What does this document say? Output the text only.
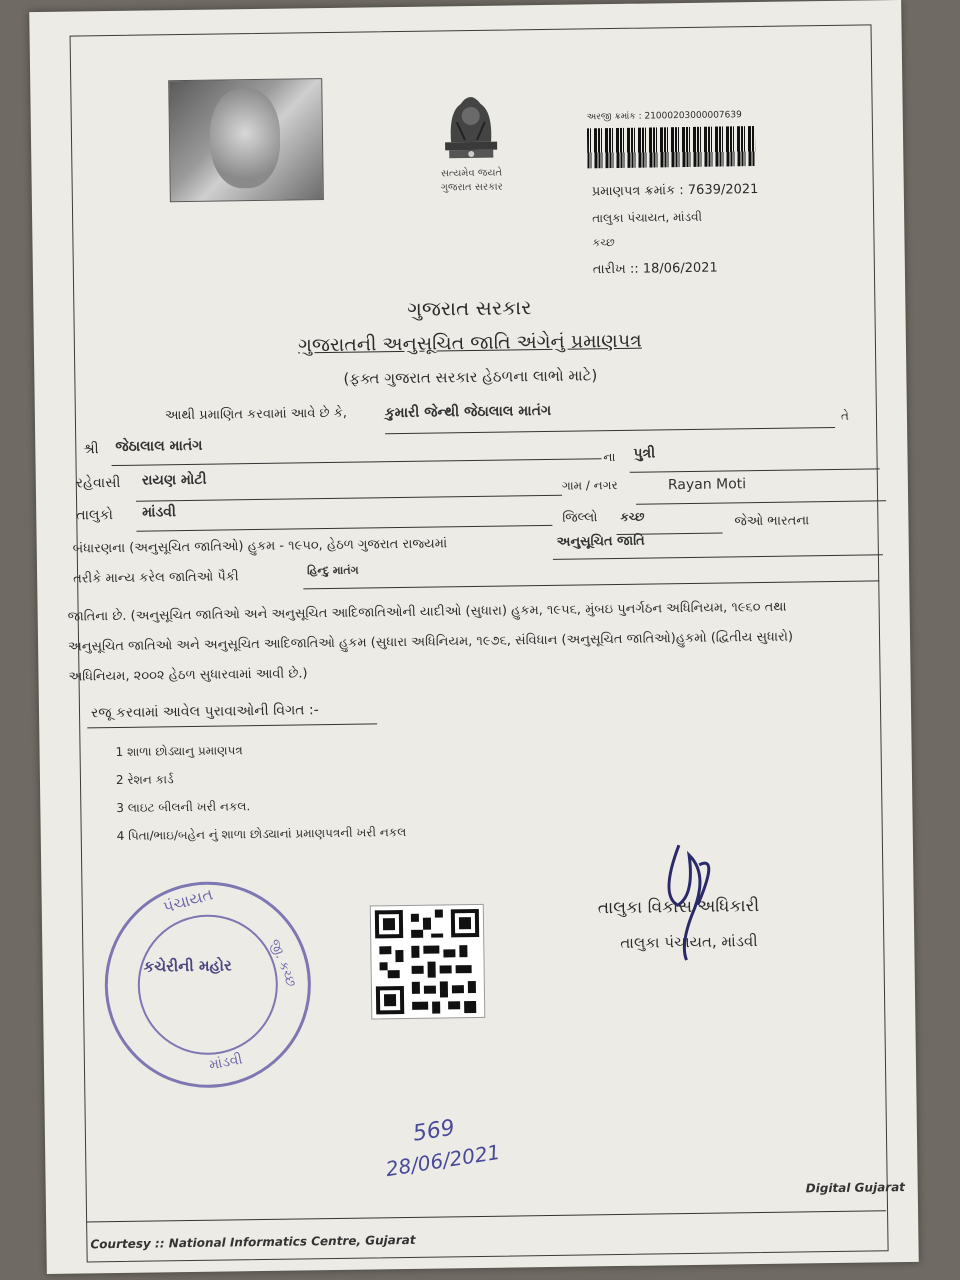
સત્યમેવ જયતે
ગુજરાત સરકાર
અરજી ક્રમાંક : 21000203000007639
પ્રમાણપત્ર ક્રમાંક : 7639/2021
તાલુકા પંચાયત, માંડવી
કચ્છ
તારીખ :: 18/06/2021
ગુજરાત સરકાર
ગુજરાતની અનુસૂચિત જાતિ અંગેનું પ્રમાણપત્ર
(ફક્ત ગુજરાત સરકાર હેઠળના લાભો માટે)
આથી પ્રમાણિત કરવામાં આવે છે કે,	કુમારી જેન્થી જેઠાલાલ માતંગ	તે
શ્રી જેઠાલાલ માતંગ
ના પુત્રી
રહેવાસી રાયણ મોટી	ગામ / નગર	Rayan Moti
તાલુકો માંડવી	જિલ્લો કચ્છ	જેઓ ભારતના
બંધારણના (અનુસૂચિત જાતિઓ) હુકમ - ૧૯૫૦, હેઠળ ગુજરાત રાજ્યમાં	અનુસૂચિત જાતિ
તરીકે માન્ય કરેલ જાતિઓ પૈકી	હિન્દુ માતંગ
જાતિના છે. (અનુસૂચિત જાતિઓ અને અનુસૂચિત આદિજાતિઓની યાદીઓ (સુધારા) હુકમ, ૧૯૫૬, મુંબઇ પુનર્ગઠન અધિનિયમ, ૧૯૬૦ તથા
અનુસૂચિત જાતિઓ અને અનુસૂચિત આદિજાતિઓ હુકમ (સુધારા અધિનિયમ, ૧૯૭૬, સંવિધાન (અનુસૂચિત જાતિઓ)હુકમો (દ્વિતીય સુધારો)
અધિનિયમ, ૨૦૦૨ હેઠળ સુધારવામાં આવી છે.)
રજૂ કરવામાં આવેલ પુરાવાઓની વિગત :-
1 શાળા છોડ્યાનુ પ્રમાણપત્ર
2 રેશન કાર્ડ
3 લાઇટ બીલની ખરી નકલ.
4 પિતા/ભાઇ/બહેન નું શાળા છોડ્યાનાં પ્રમાણપત્રની ખરી નકલ
પંચાયત
કચેરીની મહોર	જી. કચ્છ
માંડવી
તાલુકા વિકાસ અધિકારી
તાલુકા પંચાયત, માંડવી
569
28/06/2021
Digital Gujarat
Courtesy :: National Informatics Centre, Gujarat
